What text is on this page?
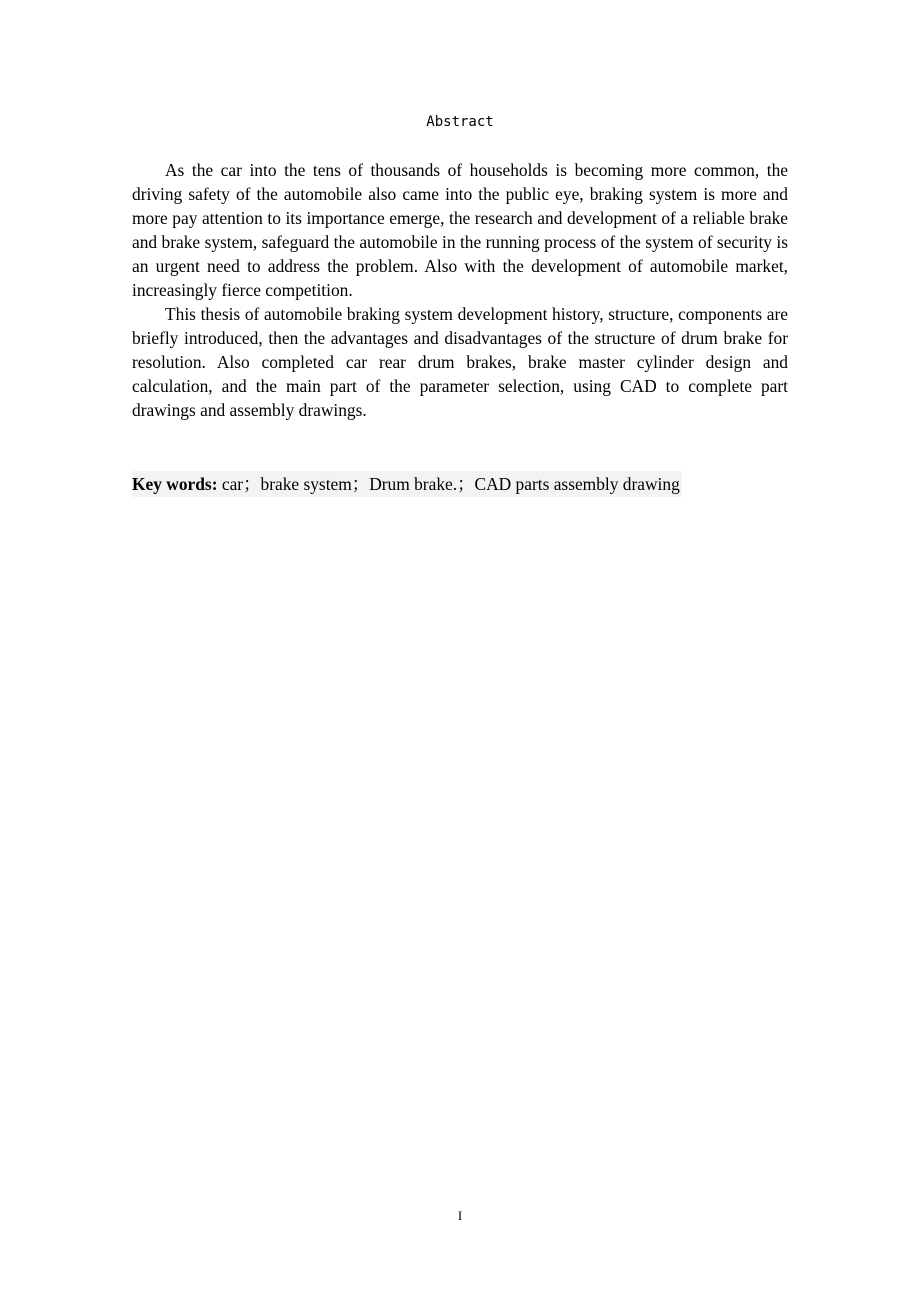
Abstract

As the car into the tens of thousands of households is becoming more common, the driving safety of the automobile also came into the public eye, braking system is more and more pay attention to its importance emerge, the research and development of a reliable brake and brake system, safeguard the automobile in the running process of the system of security is an urgent need to address the problem. Also with the development of automobile market, increasingly fierce competition.

This thesis of automobile braking system development history, structure, components are briefly introduced, then the advantages and disadvantages of the structure of drum brake for resolution. Also completed car rear drum brakes, brake master cylinder design and calculation, and the main part of the parameter selection, using CAD to complete part drawings and assembly drawings.

Key words: car；brake system；Drum brake.；CAD parts assembly drawing
I
